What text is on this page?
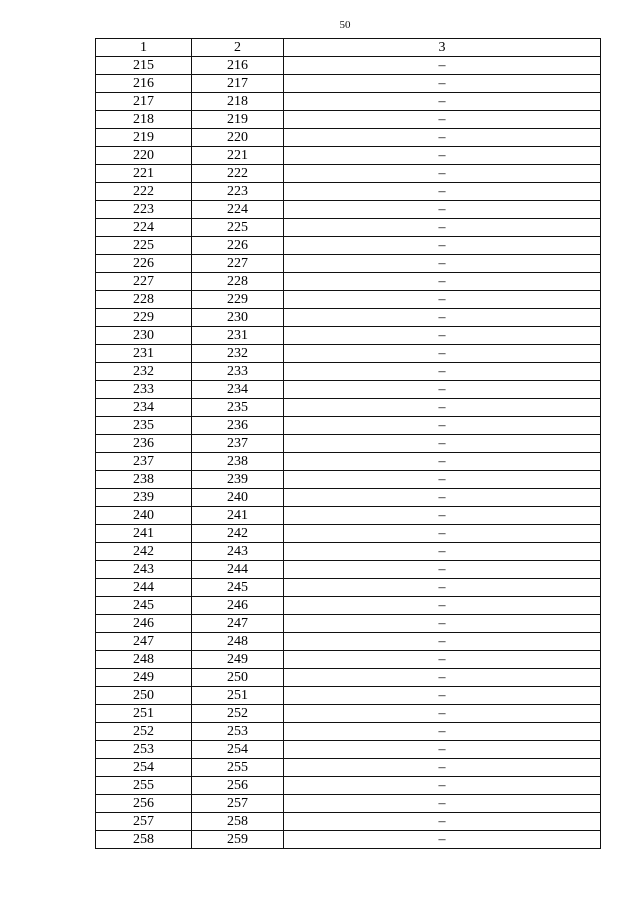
50
1	2	3
215	216	–
216	217	–
217	218	–
218	219	–
219	220	–
220	221	–
221	222	–
222	223	–
223	224	–
224	225	–
225	226	–
226	227	–
227	228	–
228	229	–
229	230	–
230	231	–
231	232	–
232	233	–
233	234	–
234	235	–
235	236	–
236	237	–
237	238	–
238	239	–
239	240	–
240	241	–
241	242	–
242	243	–
243	244	–
244	245	–
245	246	–
246	247	–
247	248	–
248	249	–
249	250	–
250	251	–
251	252	–
252	253	–
253	254	–
254	255	–
255	256	–
256	257	–
257	258	–
258	259	–
